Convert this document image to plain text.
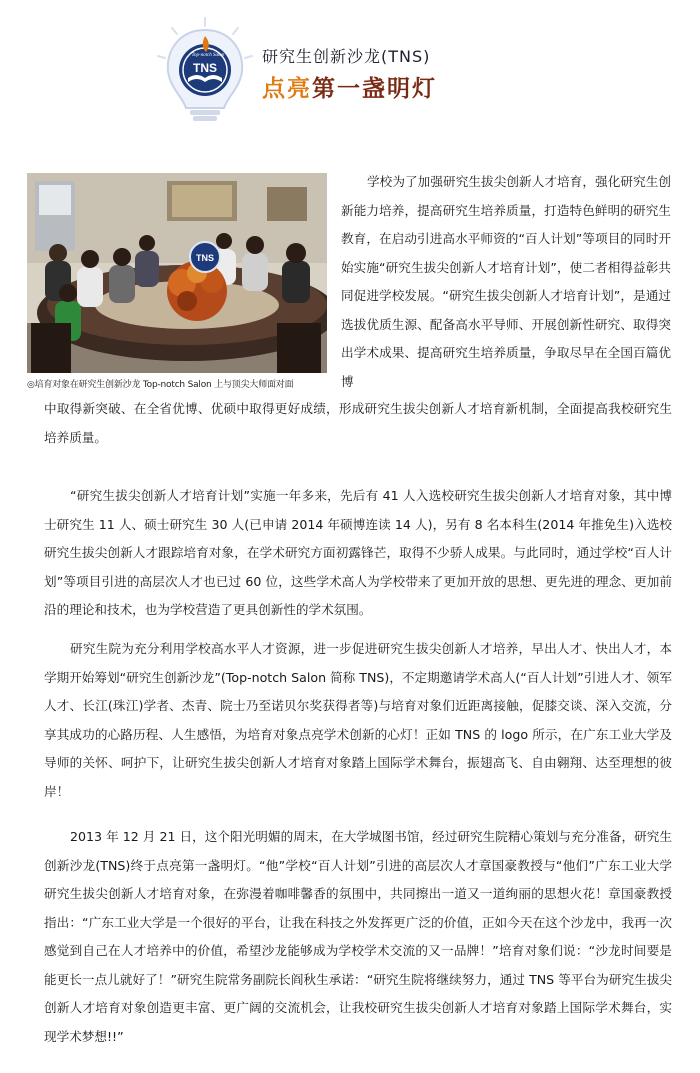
TNS
Top-notch Salon 研究生创新沙龙(TNS)
点亮第一盏明灯
TNS
◎培育对象在研究生创新沙龙 Top-notch Salon 上与顶尖大师面对面
学校为了加强研究生拔尖创新人才培育，强化研究生创新能力培养，提高研究生培养质量，打造特色鲜明的研究生教育，在启动引进高水平师资的“百人计划”等项目的同时开始实施“研究生拔尖创新人才培育计划”，使二者相得益彰共同促进学校发展。“研究生拔尖创新人才培育计划”，是通过选拔优质生源、配备高水平导师、开展创新性研究、取得突出学术成果、提高研究生培养质量，争取尽早在全国百篇优博
中取得新突破、在全省优博、优硕中取得更好成绩，形成研究生拔尖创新人才培育新机制，全面提高我校研究生培养质量。
“研究生拔尖创新人才培育计划”实施一年多来，先后有 41 人入选校研究生拔尖创新人才培育对象，其中博士研究生 11 人、硕士研究生 30 人(已申请 2014 年硕博连读 14 人)，另有 8 名本科生(2014 年推免生)入选校研究生拔尖创新人才跟踪培育对象，在学术研究方面初露锋芒，取得不少骄人成果。与此同时，通过学校“百人计划”等项目引进的高层次人才也已过 60 位，这些学术高人为学校带来了更加开放的思想、更先进的理念、更加前沿的理论和技术，也为学校营造了更具创新性的学术氛围。
研究生院为充分利用学校高水平人才资源，进一步促进研究生拔尖创新人才培养，早出人才、快出人才，本学期开始筹划“研究生创新沙龙”(Top-notch Salon 简称 TNS)，不定期邀请学术高人(“百人计划”引进人才、领军人才、长江(珠江)学者、杰青、院士乃至诺贝尔奖获得者等)与培育对象们近距离接触，促膝交谈、深入交流，分享其成功的心路历程、人生感悟，为培育对象点亮学术创新的心灯！正如 TNS 的 logo 所示，在广东工业大学及导师的关怀、呵护下，让研究生拔尖创新人才培育对象踏上国际学术舞台，振翅高飞、自由翱翔、达至理想的彼岸！
2013 年 12 月 21 日，这个阳光明媚的周末，在大学城图书馆，经过研究生院精心策划与充分准备，研究生创新沙龙(TNS)终于点亮第一盏明灯。“他”学校“百人计划”引进的高层次人才章国豪教授与“他们”广东工业大学研究生拔尖创新人才培育对象，在弥漫着咖啡馨香的氛围中，共同擦出一道又一道绚丽的思想火花！章国豪教授指出：“广东工业大学是一个很好的平台，让我在科技之外发挥更广泛的价值，正如今天在这个沙龙中，我再一次感觉到自己在人才培养中的价值，希望沙龙能够成为学校学术交流的又一品牌！”培育对象们说：“沙龙时间要是能更长一点儿就好了！”研究生院常务副院长阎秋生承诺：“研究生院将继续努力，通过 TNS 等平台为研究生拔尖创新人才培育对象创造更丰富、更广阔的交流机会，让我校研究生拔尖创新人才培育对象踏上国际学术舞台，实现学术梦想!!”
